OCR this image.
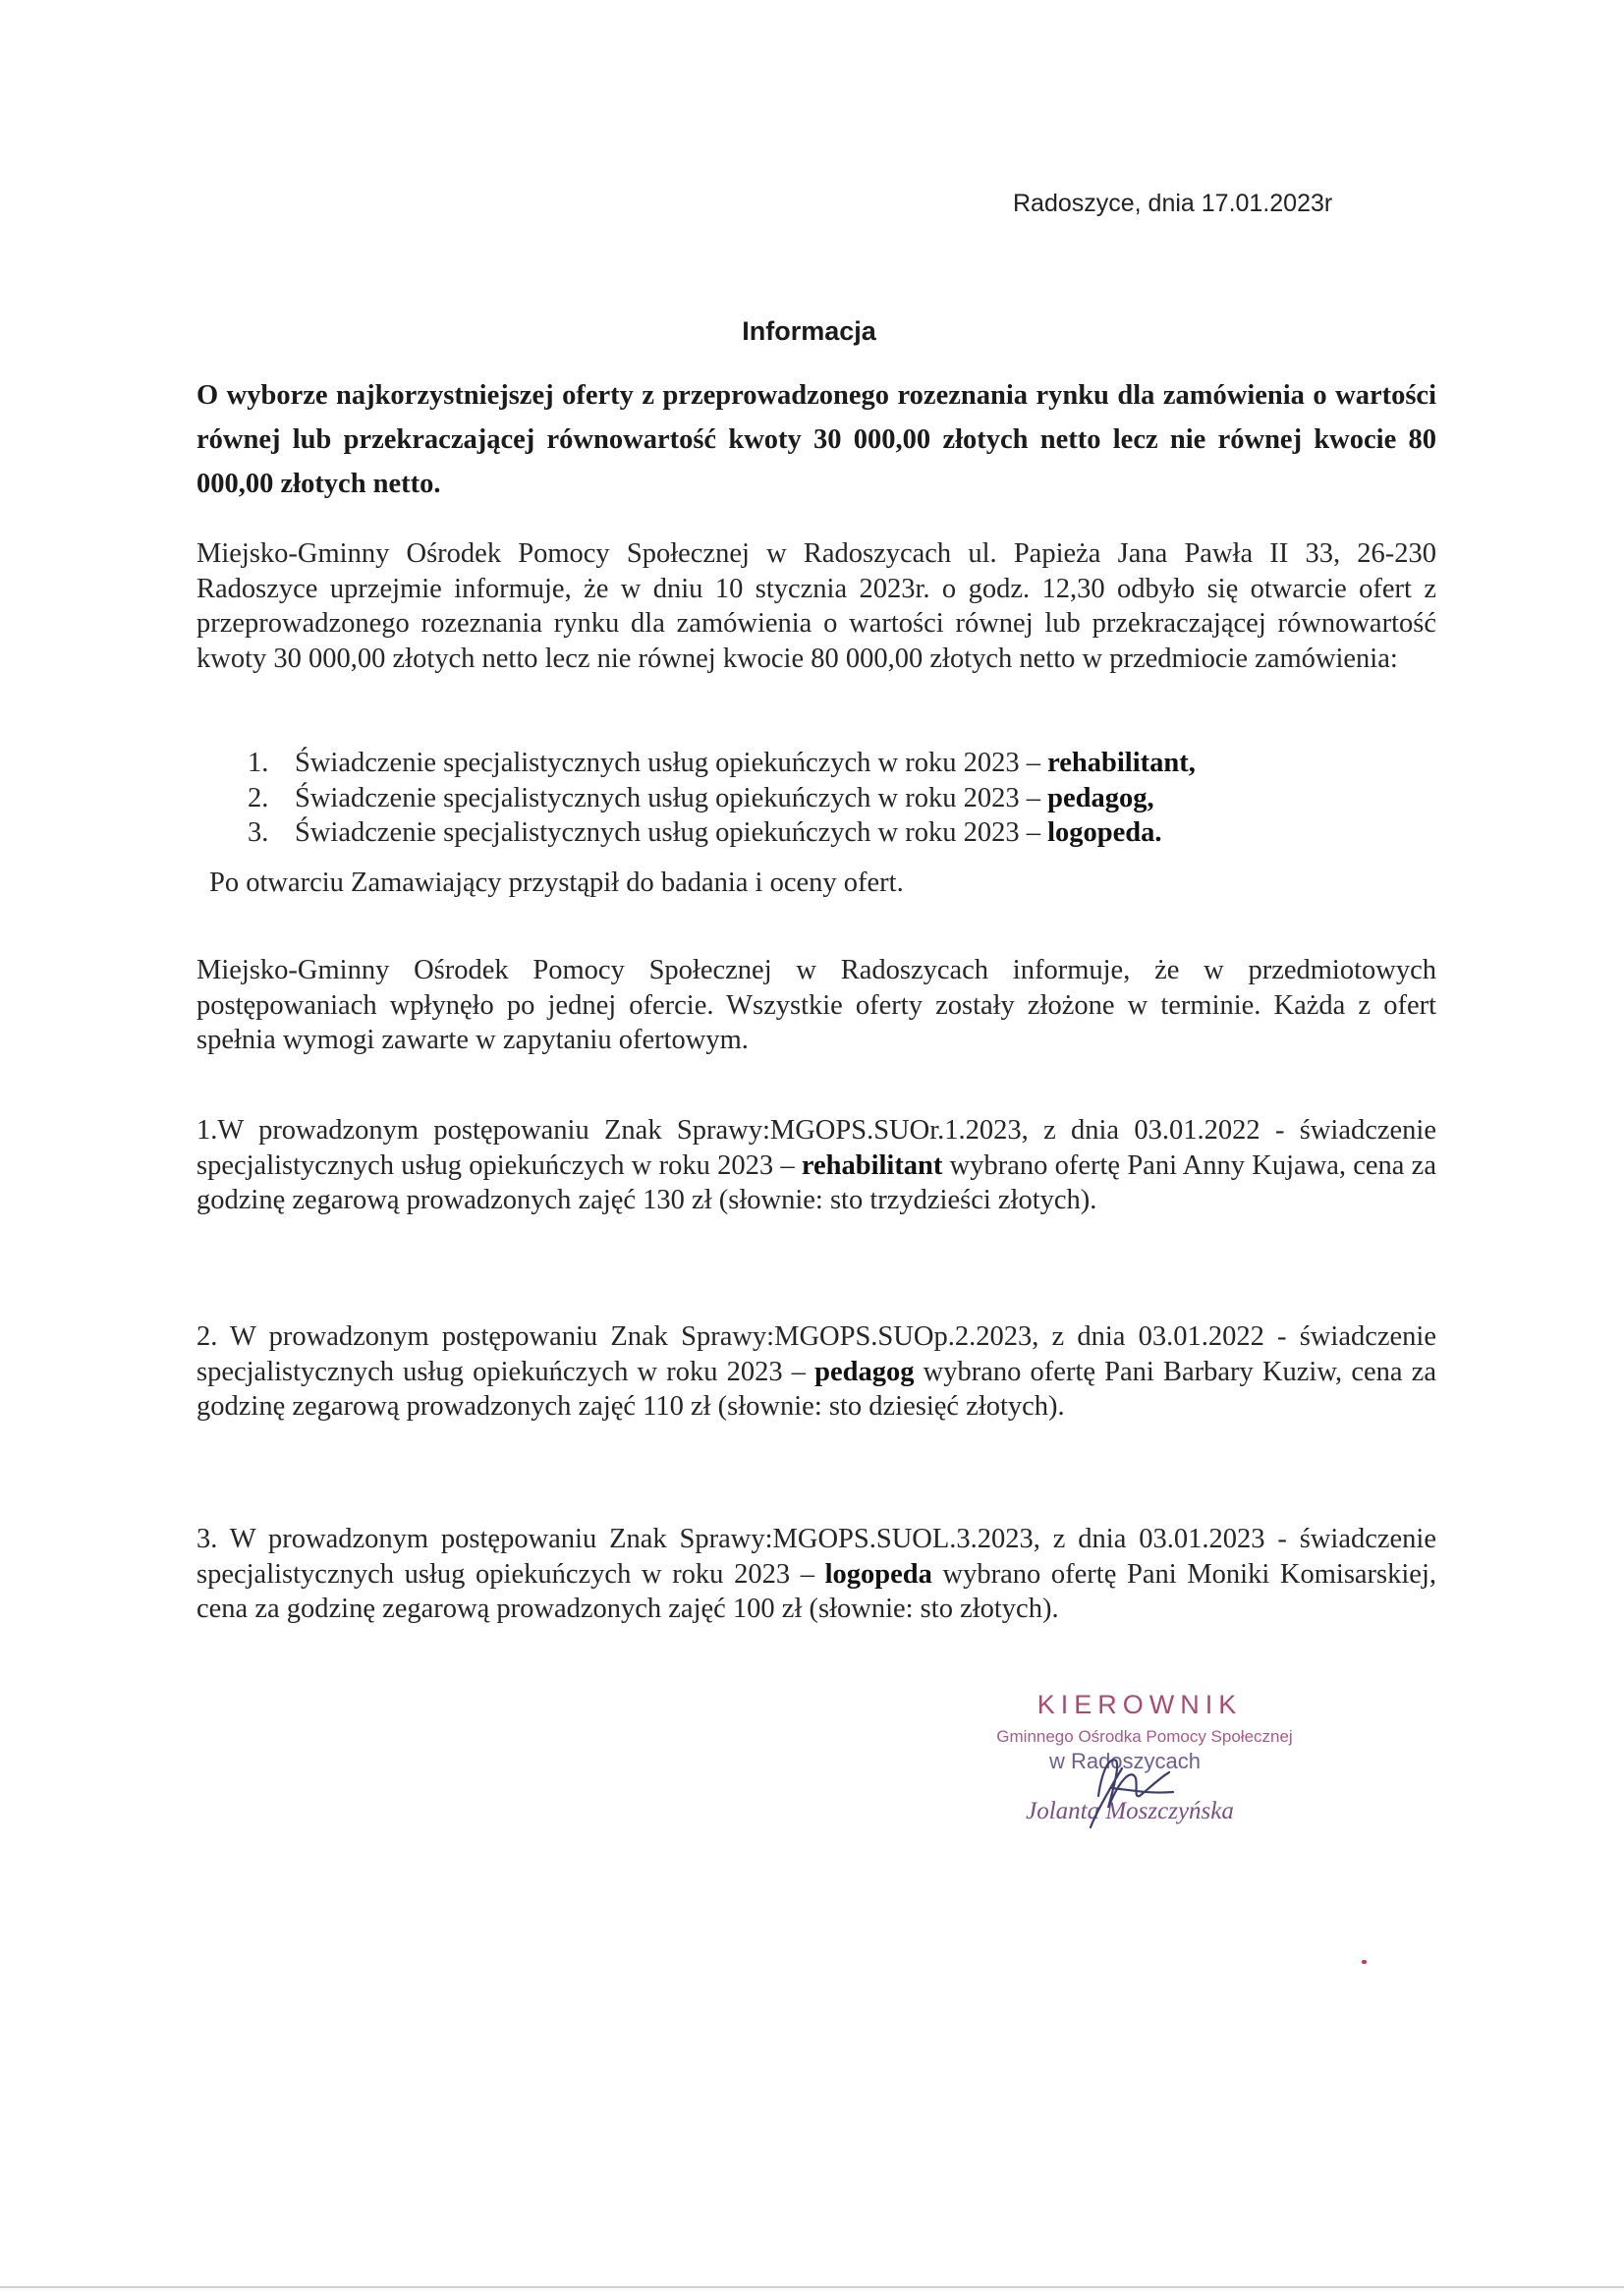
Radoszyce, dnia 17.01.2023r
Informacja
O wyborze najkorzystniejszej oferty z przeprowadzonego rozeznania rynku dla zamówienia o wartości równej lub przekraczającej równowartość kwoty 30 000,00 złotych netto lecz nie równej kwocie 80 000,00 złotych netto.
Miejsko-Gminny Ośrodek Pomocy Społecznej w Radoszycach ul. Papieża Jana Pawła II 33, 26-230 Radoszyce uprzejmie informuje, że w dniu 10 stycznia 2023r. o godz. 12,30 odbyło się otwarcie ofert z przeprowadzonego rozeznania rynku dla zamówienia o wartości równej lub przekraczającej równowartość kwoty 30 000,00 złotych netto lecz nie równej kwocie 80 000,00 złotych netto w przedmiocie zamówienia:
1. Świadczenie specjalistycznych usług opiekuńczych w roku 2023 – rehabilitant,
2. Świadczenie specjalistycznych usług opiekuńczych w roku 2023 – pedagog,
3. Świadczenie specjalistycznych usług opiekuńczych w roku 2023 – logopeda.
Po otwarciu Zamawiający przystąpił do badania i oceny ofert.
Miejsko-Gminny Ośrodek Pomocy Społecznej w Radoszycach informuje, że w przedmiotowych postępowaniach wpłynęło po jednej ofercie. Wszystkie oferty zostały złożone w terminie. Każda z ofert spełnia wymogi zawarte w zapytaniu ofertowym.
1.W prowadzonym postępowaniu Znak Sprawy:MGOPS.SUOr.1.2023, z dnia 03.01.2022 - świadczenie specjalistycznych usług opiekuńczych w roku 2023 – rehabilitant wybrano ofertę Pani Anny Kujawa, cena za godzinę zegarową prowadzonych zajęć 130 zł (słownie: sto trzydzieści złotych).
2. W prowadzonym postępowaniu Znak Sprawy:MGOPS.SUOp.2.2023, z dnia 03.01.2022 - świadczenie specjalistycznych usług opiekuńczych w roku 2023 – pedagog wybrano ofertę Pani Barbary Kuziw, cena za godzinę zegarową prowadzonych zajęć 110 zł (słownie: sto dziesięć złotych).
3. W prowadzonym postępowaniu Znak Sprawy:MGOPS.SUOL.3.2023, z dnia 03.01.2023 - świadczenie specjalistycznych usług opiekuńczych w roku 2023 – logopeda wybrano ofertę Pani Moniki Komisarskiej, cena za godzinę zegarową prowadzonych zajęć 100 zł (słownie: sto złotych).
KIEROWNIK
Gminnego Ośrodka Pomocy Społecznej
w Radoszycach
Jolanta Moszczyńska
